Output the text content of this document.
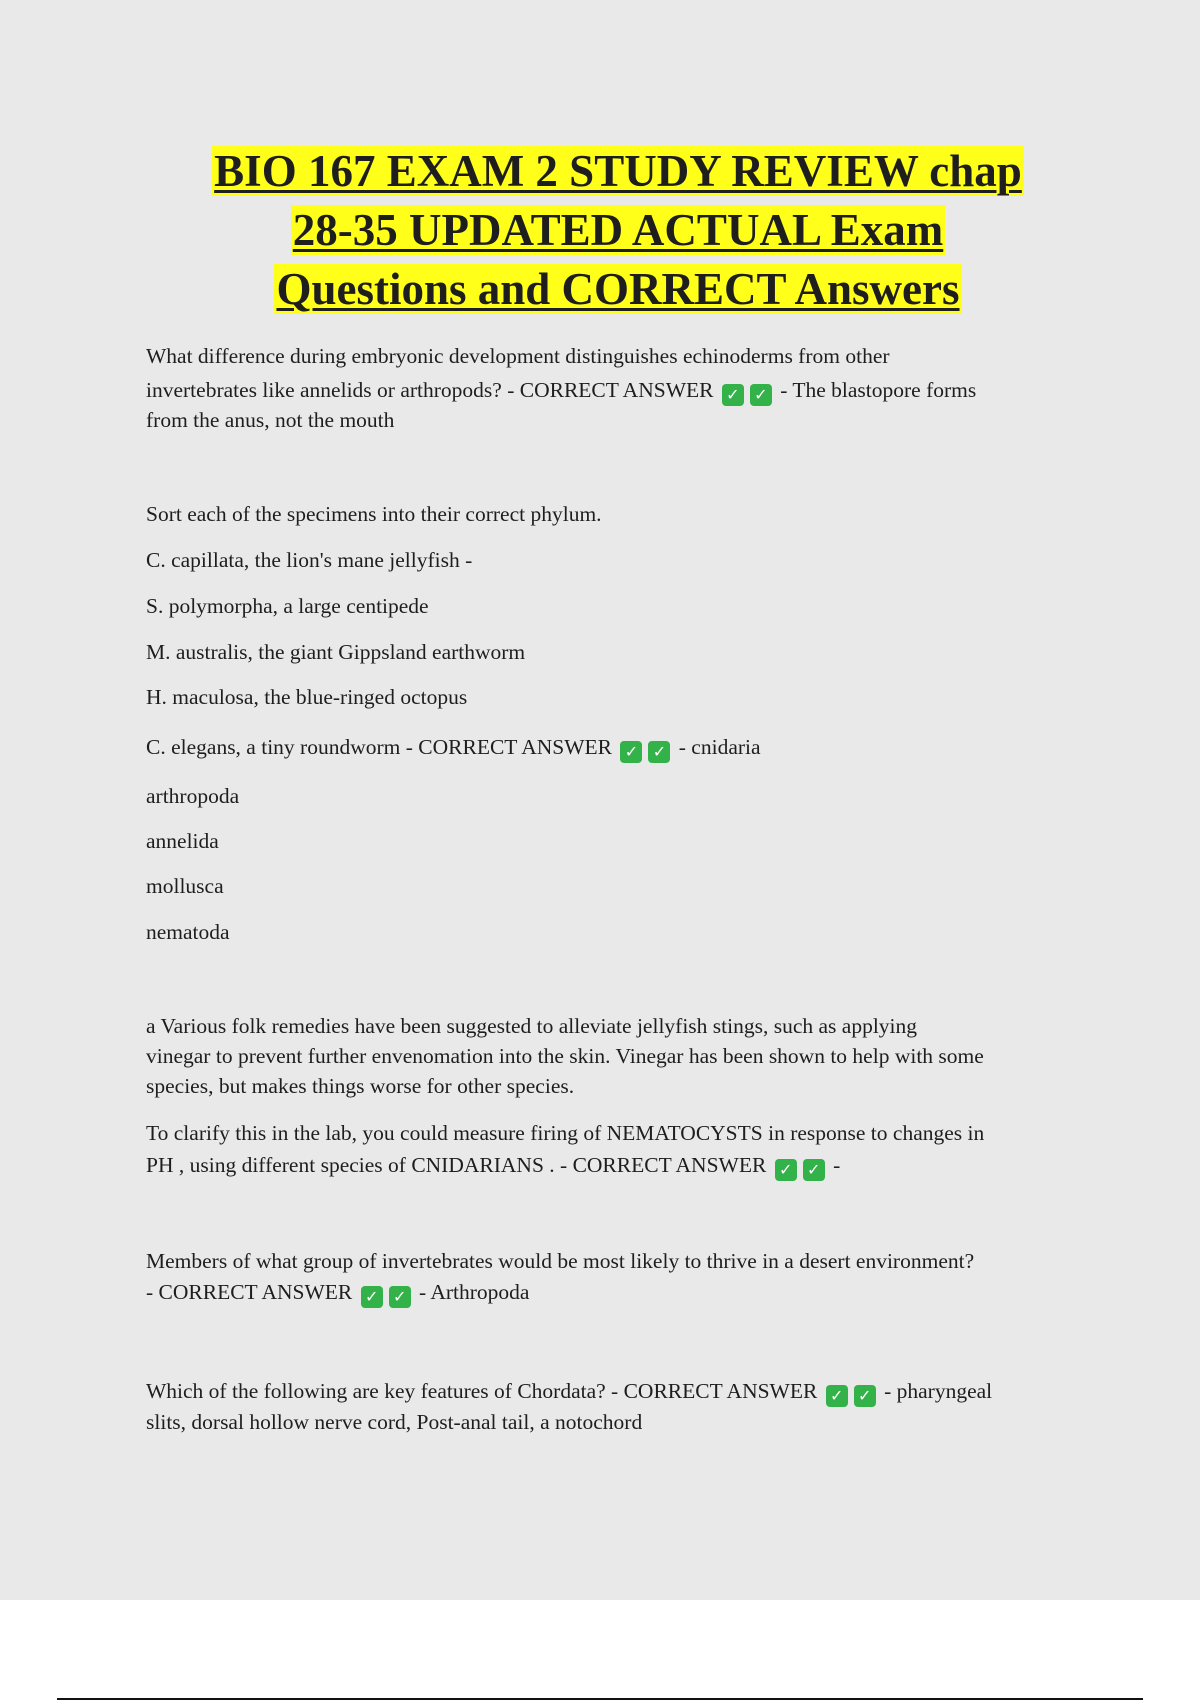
BIO 167 EXAM 2 STUDY REVIEW chap
28-35 UPDATED ACTUAL Exam
Questions and CORRECT Answers
What difference during embryonic development distinguishes echinoderms from other
invertebrates like annelids or arthropods? - CORRECT ANSWER ✓ ✓ - The blastopore forms
from the anus, not the mouth
Sort each of the specimens into their correct phylum.
C. capillata, the lion's mane jellyfish -
S. polymorpha, a large centipede
M. australis, the giant Gippsland earthworm
H. maculosa, the blue-ringed octopus
C. elegans, a tiny roundworm - CORRECT ANSWER ✓ ✓ - cnidaria
arthropoda
annelida
mollusca
nematoda
a Various folk remedies have been suggested to alleviate jellyfish stings, such as applying
vinegar to prevent further envenomation into the skin. Vinegar has been shown to help with some
species, but makes things worse for other species.
To clarify this in the lab, you could measure firing of NEMATOCYSTS in response to changes in
PH , using different species of CNIDARIANS . - CORRECT ANSWER ✓ ✓ -
Members of what group of invertebrates would be most likely to thrive in a desert environment?
- CORRECT ANSWER ✓ ✓ - Arthropoda
Which of the following are key features of Chordata? - CORRECT ANSWER ✓ ✓ - pharyngeal
slits, dorsal hollow nerve cord, Post-anal tail, a notochord
